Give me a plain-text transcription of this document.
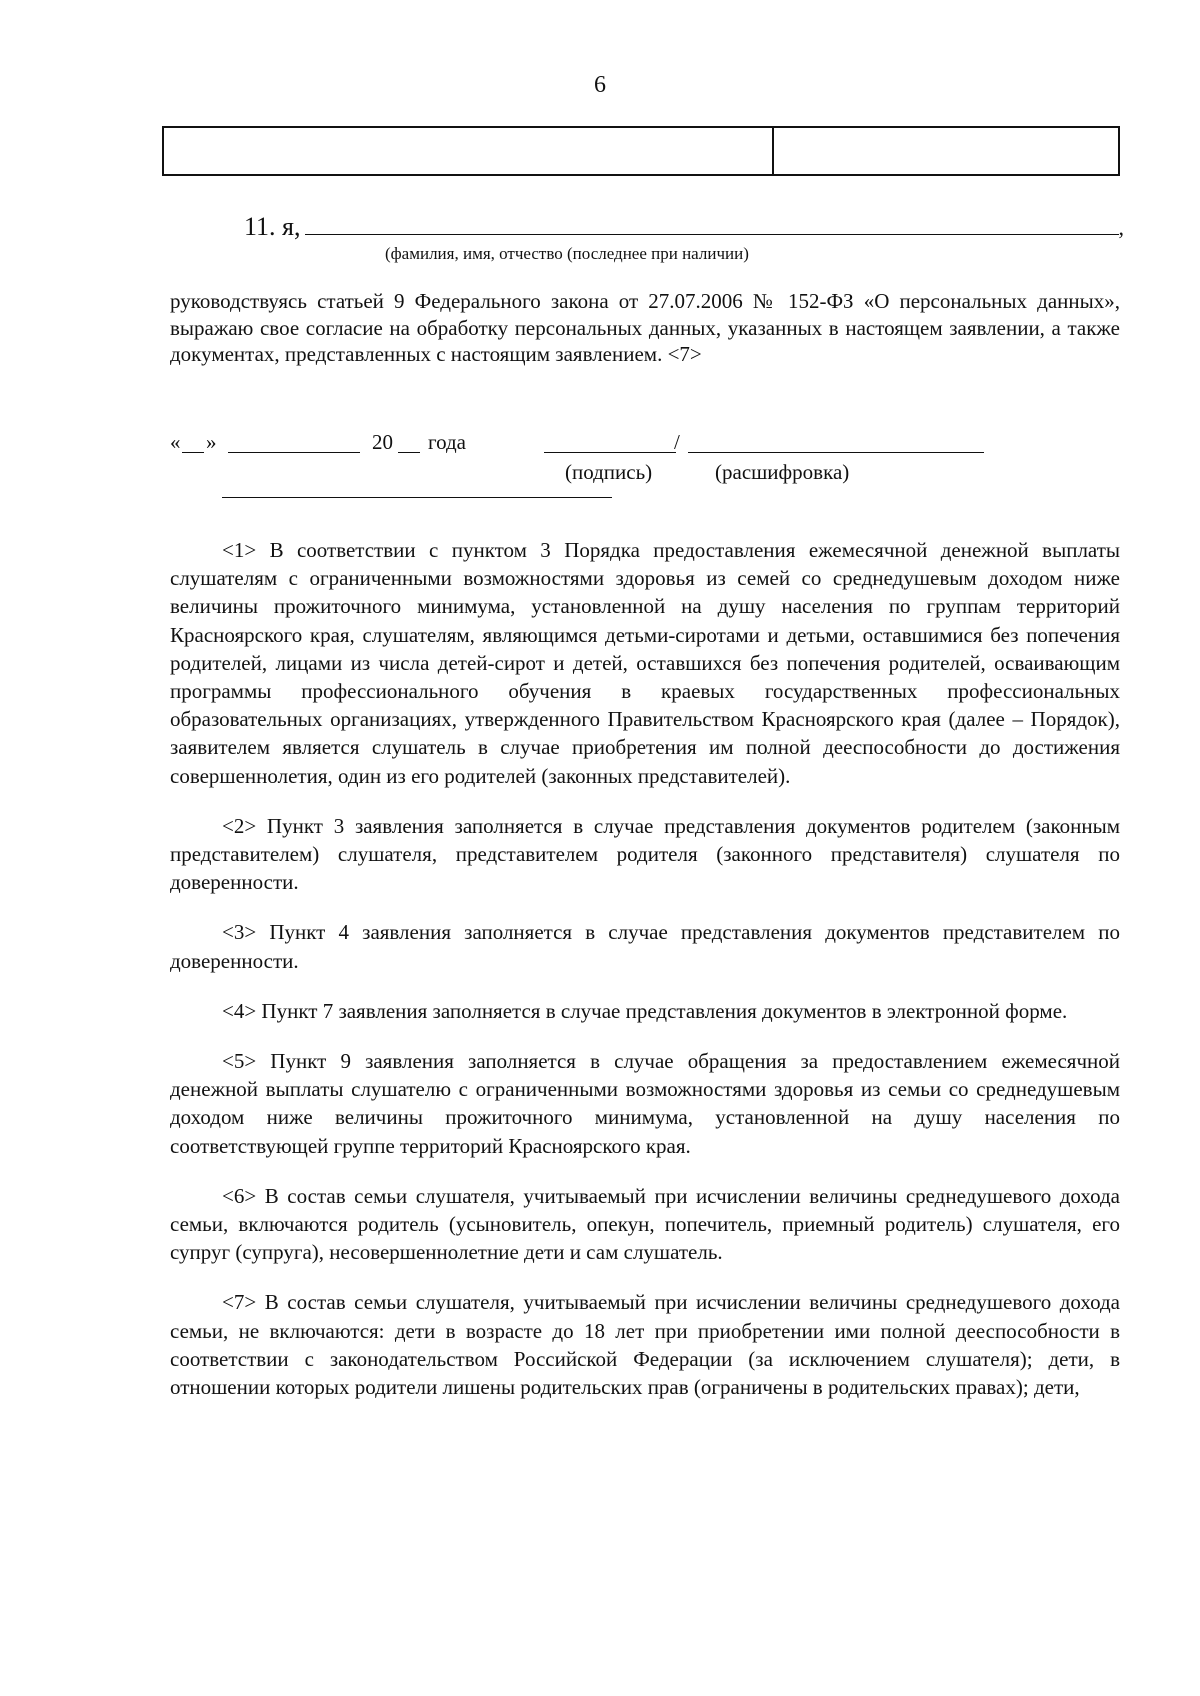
6
11. я,	,
(фамилия, имя, отчество (последнее при наличии)
руководствуясь статьей 9 Федерального закона от 27.07.2006 № 152-ФЗ «О персональных данных», выражаю свое согласие на обработку персональных данных, указанных в настоящем заявлении, а также документах, представленных с настоящим заявлением. <7>
« »	20 года	/
(подпись)	(расшифровка)

<1> В соответствии с пунктом 3 Порядка предоставления ежемесячной денежной выплаты слушателям с ограниченными возможностями здоровья из семей со среднедушевым доходом ниже величины прожиточного минимума, установленной на душу населения по группам территорий Красноярского края, слушателям, являющимся детьми-сиротами и детьми, оставшимися без попечения родителей, лицами из числа детей-сирот и детей, оставшихся без попечения родителей, осваивающим программы профессионального обучения в краевых государственных профессиональных образовательных организациях, утвержденного Правительством Красноярского края (далее – Порядок), заявителем является слушатель в случае приобретения им полной дееспособности до достижения совершеннолетия, один из его родителей (законных представителей).

<2> Пункт 3 заявления заполняется в случае представления документов родителем (законным представителем) слушателя, представителем родителя (законного представителя) слушателя по доверенности.

<3> Пункт 4 заявления заполняется в случае представления документов представителем по доверенности.

<4> Пункт 7 заявления заполняется в случае представления документов в электронной форме.

<5> Пункт 9 заявления заполняется в случае обращения за предоставлением ежемесячной денежной выплаты слушателю с ограниченными возможностями здоровья из семьи со среднедушевым доходом ниже величины прожиточного минимума, установленной на душу населения по соответствующей группе территорий Красноярского края.

<6> В состав семьи слушателя, учитываемый при исчислении величины среднедушевого дохода семьи, включаются родитель (усыновитель, опекун, попечитель, приемный родитель) слушателя, его супруг (супруга), несовершеннолетние дети и сам слушатель.

<7> В состав семьи слушателя, учитываемый при исчислении величины среднедушевого дохода семьи, не включаются: дети в возрасте до 18 лет при приобретении ими полной дееспособности в соответствии с законодательством Российской Федерации (за исключением слушателя); дети, в отношении которых родители лишены родительских прав (ограничены в родительских правах); дети,
